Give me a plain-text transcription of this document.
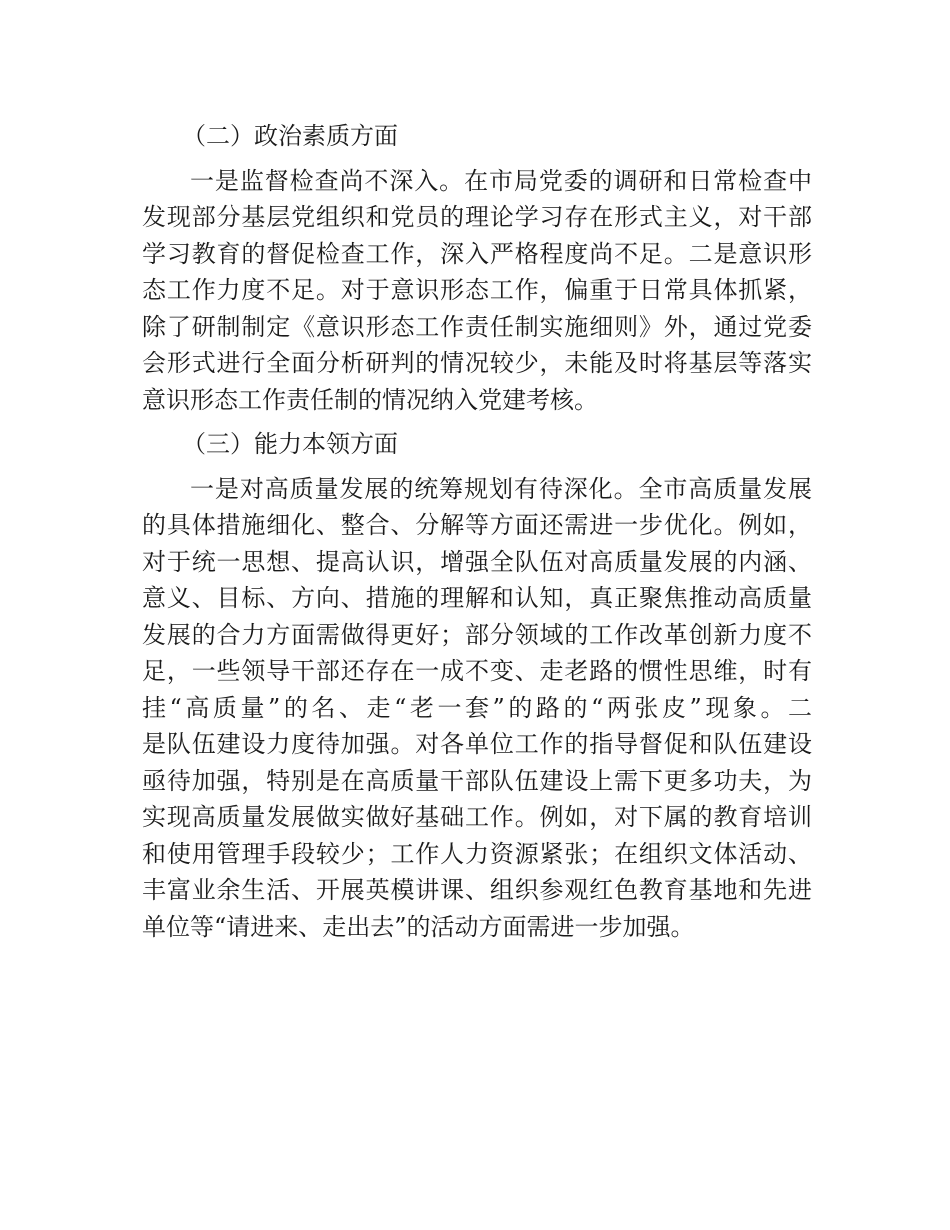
（二）政治素质方面
一是监督检查尚不深入。在市局党委的调研和日常检查中
发现部分基层党组织和党员的理论学习存在形式主义，对干部
学习教育的督促检查工作，深入严格程度尚不足。二是意识形
态工作力度不足。对于意识形态工作，偏重于日常具体抓紧，
除了研制制定《意识形态工作责任制实施细则》外，通过党委
会形式进行全面分析研判的情况较少，未能及时将基层等落实
意识形态工作责任制的情况纳入党建考核。
（三）能力本领方面
一是对高质量发展的统筹规划有待深化。全市高质量发展
的具体措施细化、整合、分解等方面还需进一步优化。例如，
对于统一思想、提高认识，增强全队伍对高质量发展的内涵、
意义、目标、方向、措施的理解和认知，真正聚焦推动高质量
发展的合力方面需做得更好；部分领域的工作改革创新力度不
足，一些领导干部还存在一成不变、走老路的惯性思维，时有
挂“高质量”的名、走“老一套”的路的“两张皮”现象。二
是队伍建设力度待加强。对各单位工作的指导督促和队伍建设
亟待加强，特别是在高质量干部队伍建设上需下更多功夫，为
实现高质量发展做实做好基础工作。例如，对下属的教育培训
和使用管理手段较少；工作人力资源紧张；在组织文体活动、
丰富业余生活、开展英模讲课、组织参观红色教育基地和先进
单位等“请进来、走出去”的活动方面需进一步加强。
